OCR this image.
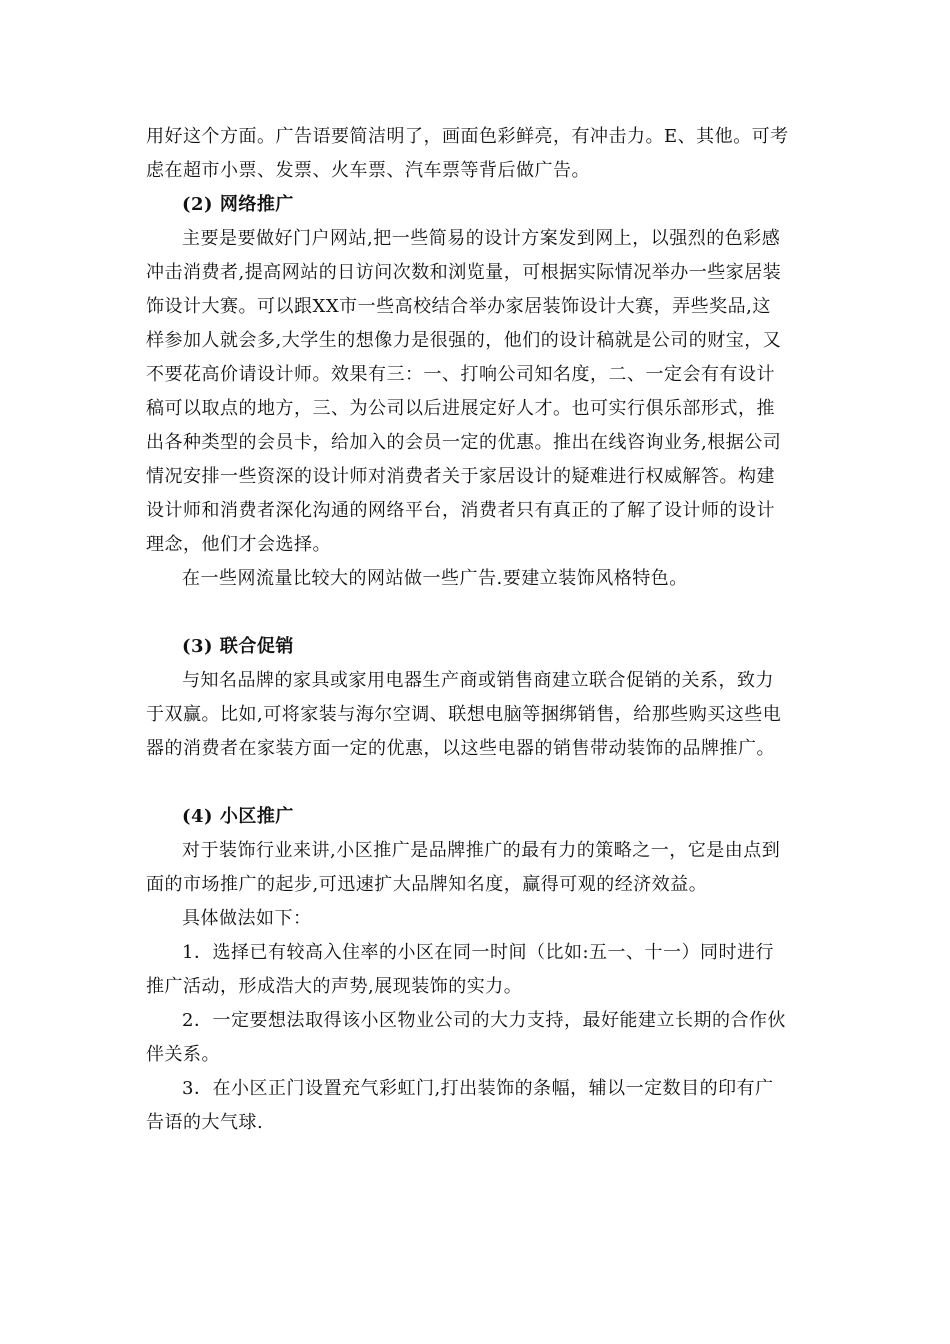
用好这个方面。广告语要简洁明了，画面色彩鲜亮，有冲击力。E、其他。可考
虑在超市小票、发票、火车票、汽车票等背后做广告。
(2) 网络推广
主要是要做好门户网站,把一些简易的设计方案发到网上，以强烈的色彩感
冲击消费者,提高网站的日访问次数和浏览量，可根据实际情况举办一些家居装
饰设计大赛。可以跟XX市一些高校结合举办家居装饰设计大赛，弄些奖品,这
样参加人就会多,大学生的想像力是很强的，他们的设计稿就是公司的财宝，又
不要花高价请设计师。效果有三：一、打响公司知名度，二、一定会有有设计
稿可以取点的地方，三、为公司以后进展定好人才。也可实行俱乐部形式，推
出各种类型的会员卡，给加入的会员一定的优惠。推出在线咨询业务,根据公司
情况安排一些资深的设计师对消费者关于家居设计的疑难进行权威解答。构建
设计师和消费者深化沟通的网络平台，消费者只有真正的了解了设计师的设计
理念，他们才会选择。
在一些网流量比较大的网站做一些广告.要建立装饰风格特色。
(3) 联合促销
与知名品牌的家具或家用电器生产商或销售商建立联合促销的关系，致力
于双赢。比如,可将家装与海尔空调、联想电脑等捆绑销售，给那些购买这些电
器的消费者在家装方面一定的优惠，以这些电器的销售带动装饰的品牌推广。
(4) 小区推广
对于装饰行业来讲,小区推广是品牌推广的最有力的策略之一，它是由点到
面的市场推广的起步,可迅速扩大品牌知名度，赢得可观的经济效益。
具体做法如下：
1．选择已有较高入住率的小区在同一时间（比如:五一、十一）同时进行
推广活动，形成浩大的声势,展现装饰的实力。
2．一定要想法取得该小区物业公司的大力支持，最好能建立长期的合作伙
伴关系。
3．在小区正门设置充气彩虹门,打出装饰的条幅，辅以一定数目的印有广
告语的大气球.
